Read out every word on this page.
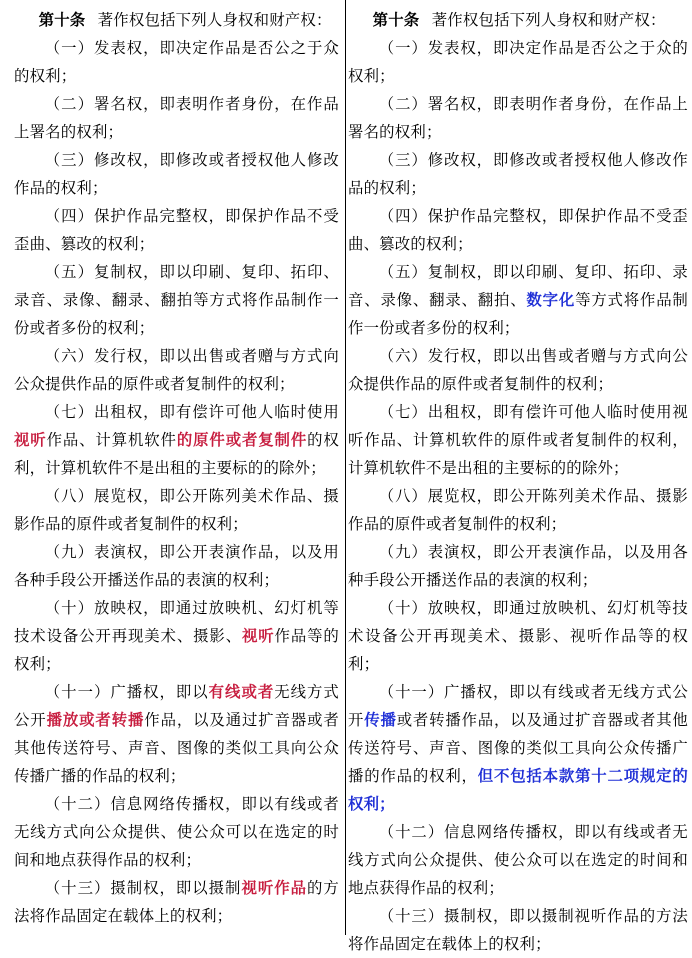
第十条 著作权包括下列人身权和财产权：

（一）发表权，即决定作品是否公之于众的权利；

（二）署名权，即表明作者身份，在作品上署名的权利；

（三）修改权，即修改或者授权他人修改作品的权利；

（四）保护作品完整权，即保护作品不受歪曲、篡改的权利；

（五）复制权，即以印刷、复印、拓印、录音、录像、翻录、翻拍等方式将作品制作一份或者多份的权利；

（六）发行权，即以出售或者赠与方式向公众提供作品的原件或者复制件的权利；

（七）出租权，即有偿许可他人临时使用视听作品、计算机软件的原件或者复制件的权利，计算机软件不是出租的主要标的的除外；

（八）展览权，即公开陈列美术作品、摄影作品的原件或者复制件的权利；

（九）表演权，即公开表演作品，以及用各种手段公开播送作品的表演的权利；

（十）放映权，即通过放映机、幻灯机等技术设备公开再现美术、摄影、视听作品等的权利；

（十一）广播权，即以有线或者无线方式公开播放或者转播作品，以及通过扩音器或者其他传送符号、声音、图像的类似工具向公众传播广播的作品的权利；

（十二）信息网络传播权，即以有线或者无线方式向公众提供、使公众可以在选定的时间和地点获得作品的权利；

（十三）摄制权，即以摄制视听作品的方法将作品固定在载体上的权利；

第十条 著作权包括下列人身权和财产权：

（一）发表权，即决定作品是否公之于众的权利；

（二）署名权，即表明作者身份，在作品上署名的权利；

（三）修改权，即修改或者授权他人修改作品的权利；

（四）保护作品完整权，即保护作品不受歪曲、篡改的权利；

（五）复制权，即以印刷、复印、拓印、录音、录像、翻录、翻拍、数字化等方式将作品制作一份或者多份的权利；

（六）发行权，即以出售或者赠与方式向公众提供作品的原件或者复制件的权利；

（七）出租权，即有偿许可他人临时使用视听作品、计算机软件的原件或者复制件的权利，计算机软件不是出租的主要标的的除外；

（八）展览权，即公开陈列美术作品、摄影作品的原件或者复制件的权利；

（九）表演权，即公开表演作品，以及用各种手段公开播送作品的表演的权利；

（十）放映权，即通过放映机、幻灯机等技术设备公开再现美术、摄影、视听作品等的权利；

（十一）广播权，即以有线或者无线方式公开传播或者转播作品，以及通过扩音器或者其他传送符号、声音、图像的类似工具向公众传播广播的作品的权利，但不包括本款第十二项规定的权利；

（十二）信息网络传播权，即以有线或者无线方式向公众提供、使公众可以在选定的时间和地点获得作品的权利；

（十三）摄制权，即以摄制视听作品的方法将作品固定在载体上的权利；
